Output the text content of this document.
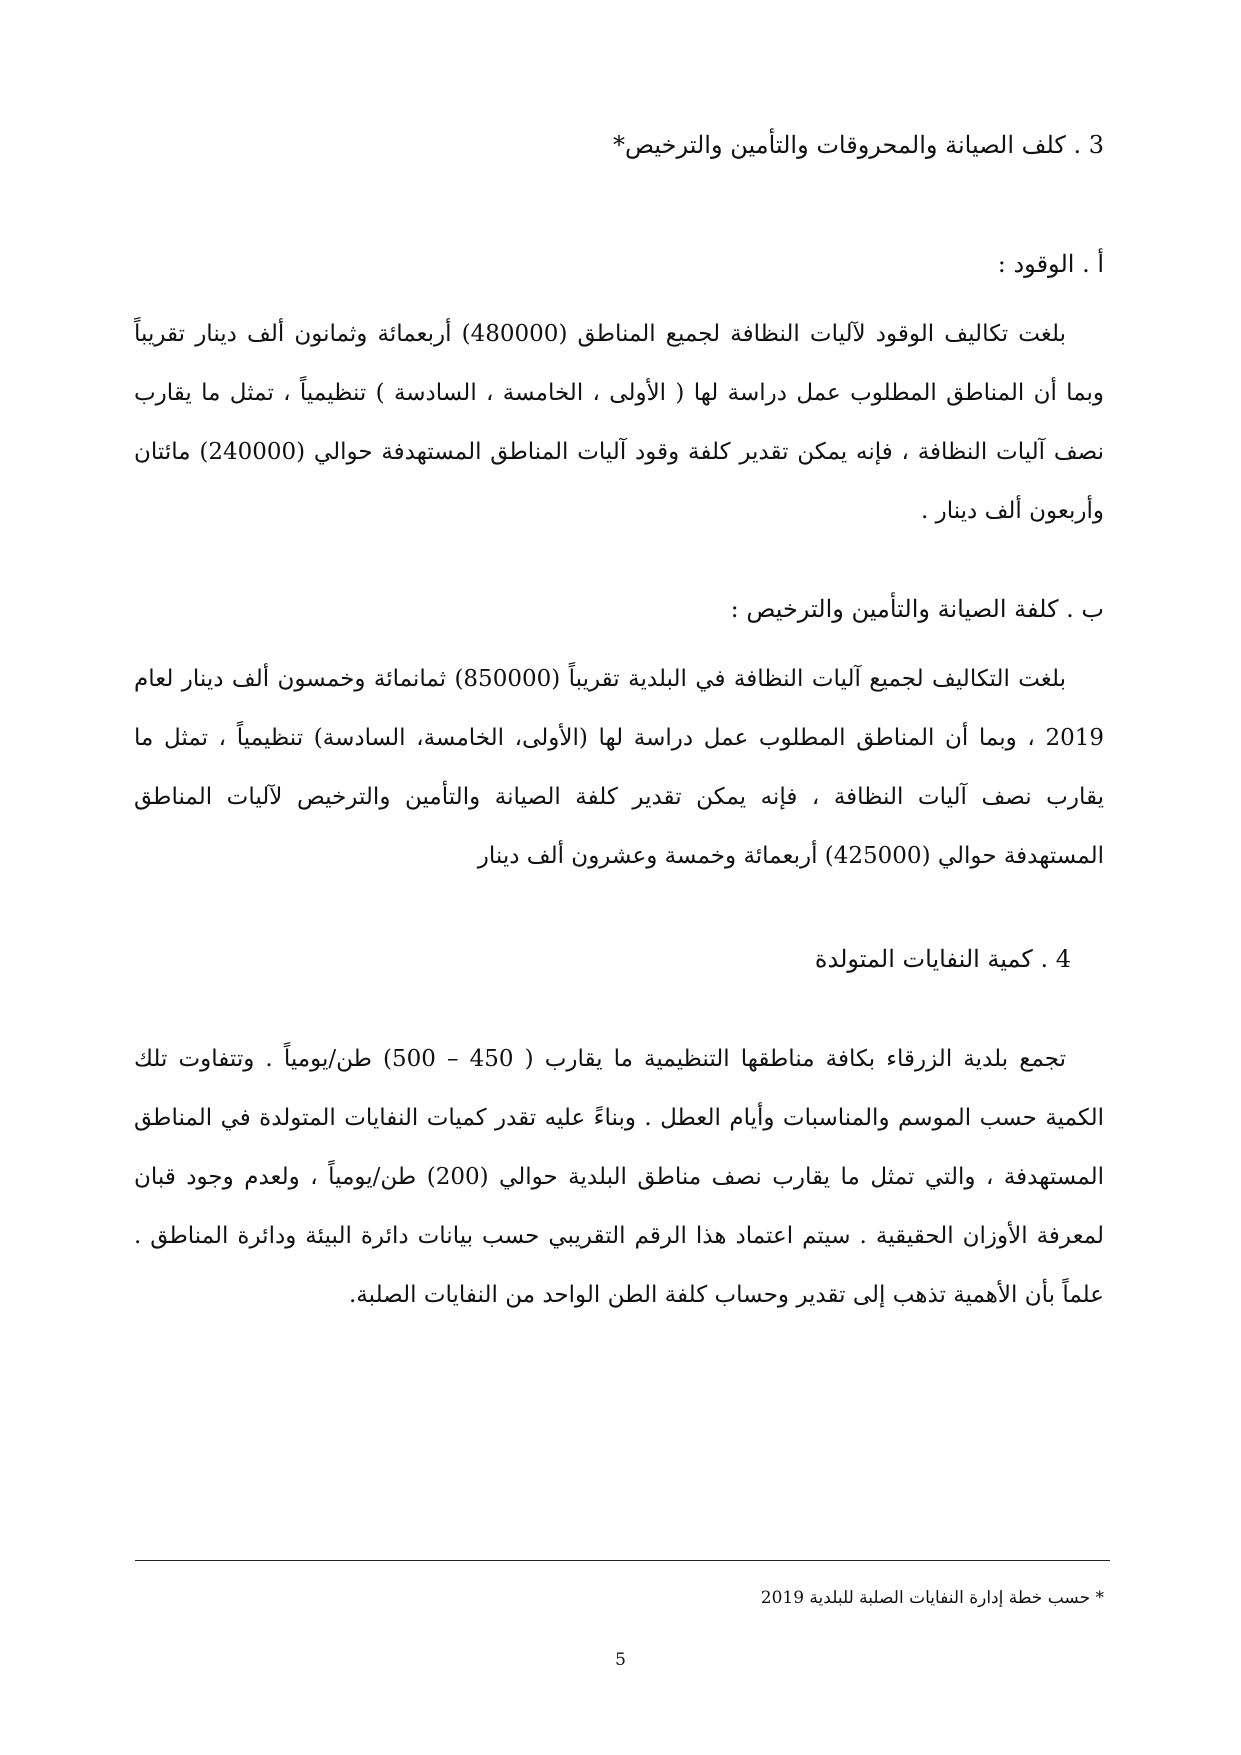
3 . كلف الصيانة والمحروقات والتأمين والترخيص*
أ . الوقود :
بلغت تكاليف الوقود لآليات النظافة لجميع المناطق (480000) أربعمائة وثمانون ألف دينار تقريباً وبما أن المناطق المطلوب عمل دراسة لها ( الأولى ، الخامسة ، السادسة ) تنظيمياً ، تمثل ما يقارب نصف آليات النظافة ، فإنه يمكن تقدير كلفة وقود آليات المناطق المستهدفة حوالي (240000) مائتان وأربعون ألف دينار .
ب . كلفة الصيانة والتأمين والترخيص :
بلغت التكاليف لجميع آليات النظافة في البلدية تقريباً (850000) ثمانمائة وخمسون ألف دينار لعام 2019 ، وبما أن المناطق المطلوب عمل دراسة لها (الأولى، الخامسة، السادسة) تنظيمياً ، تمثل ما يقارب نصف آليات النظافة ، فإنه يمكن تقدير كلفة الصيانة والتأمين والترخيص لآليات المناطق المستهدفة حوالي (425000) أربعمائة وخمسة وعشرون ألف دينار
4 . كمية النفايات المتولدة
تجمع بلدية الزرقاء بكافة مناطقها التنظيمية ما يقارب ( 450 – 500) طن/يومياً . وتتفاوت تلك الكمية حسب الموسم والمناسبات وأيام العطل . وبناءً عليه تقدر كميات النفايات المتولدة في المناطق المستهدفة ، والتي تمثل ما يقارب نصف مناطق البلدية حوالي (200) طن/يومياً ، ولعدم وجود قبان لمعرفة الأوزان الحقيقية . سيتم اعتماد هذا الرقم التقريبي حسب بيانات دائرة البيئة ودائرة المناطق . علماً بأن الأهمية تذهب إلى تقدير وحساب كلفة الطن الواحد من النفايات الصلبة.
* حسب خطة إدارة النفايات الصلبة للبلدية 2019
5
